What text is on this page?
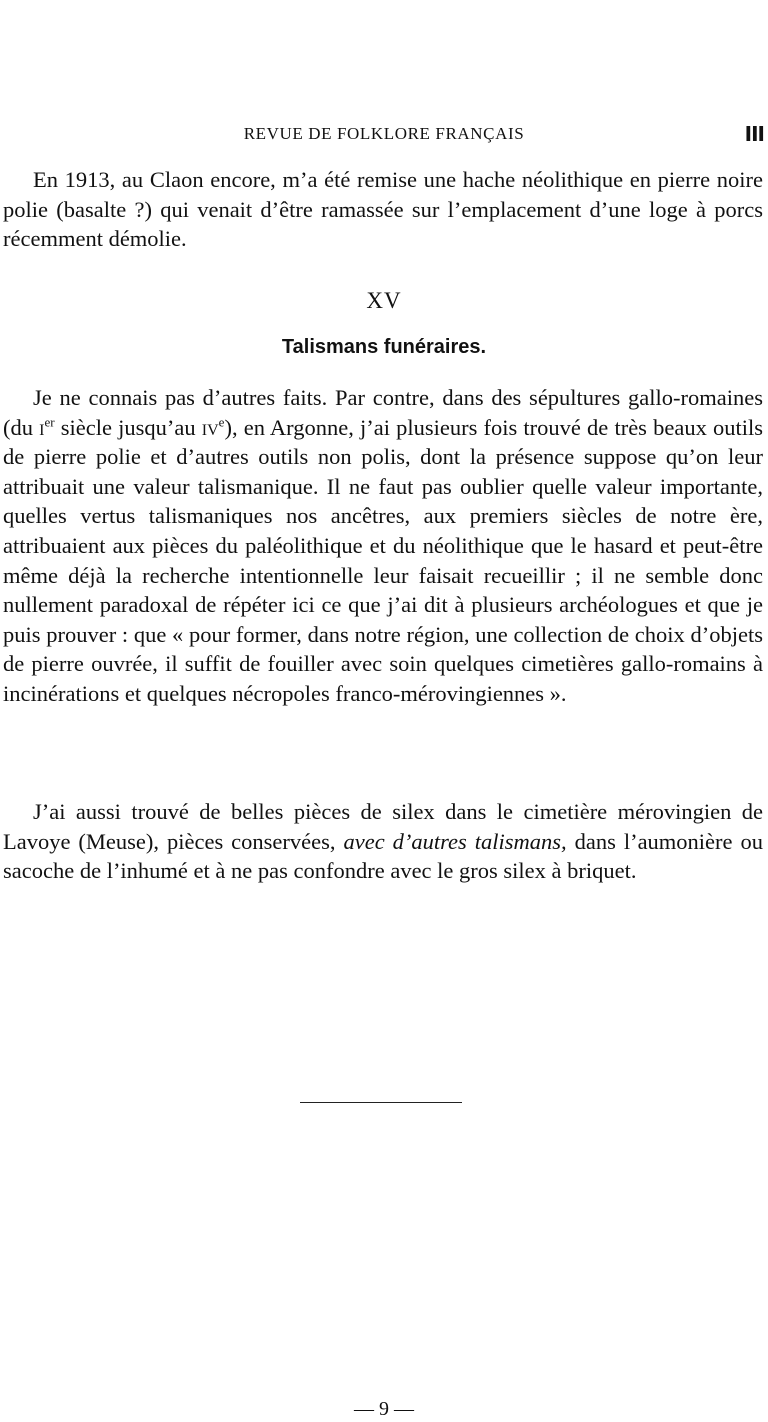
REVUE DE FOLKLORE FRANÇAIS	III

En 1913, au Claon encore, m’a été remise une hache néolithique en pierre noire polie (basalte ?) qui venait d’être ramassée sur l’emplacement d’une loge à porcs récemment démolie.

XV
Talismans funéraires.

Je ne connais pas d’autres faits. Par contre, dans des sépultures gallo-romaines (du $i^{er}$ siècle jusqu’au $iv^e$), en Argonne, j’ai plusieurs fois trouvé de très beaux outils de pierre polie et d’autres outils non polis, dont la présence suppose qu’on leur attribuait une valeur talismanique. Il ne faut pas oublier quelle valeur importante, quelles vertus talismaniques nos ancêtres, aux premiers siècles de notre ère, attribuaient aux pièces du paléolithique et du néolithique que le hasard et peut-être même déjà la recherche intentionnelle leur faisait recueillir ; il ne semble donc nullement paradoxal de répéter ici ce que j’ai dit à plusieurs archéologues et que je puis prouver : que « pour former, dans notre région, une collection de choix d’objets de pierre ouvrée, il suffit de fouiller avec soin quelques cimetières gallo-romains à incinérations et quelques nécropoles franco-mérovingiennes ».

J’ai aussi trouvé de belles pièces de silex dans le cimetière mérovingien de Lavoye (Meuse), pièces conservées, avec d’autres talismans, dans l’aumonière ou sacoche de l’inhumé et à ne pas confondre avec le gros silex à briquet.

— 9 —
